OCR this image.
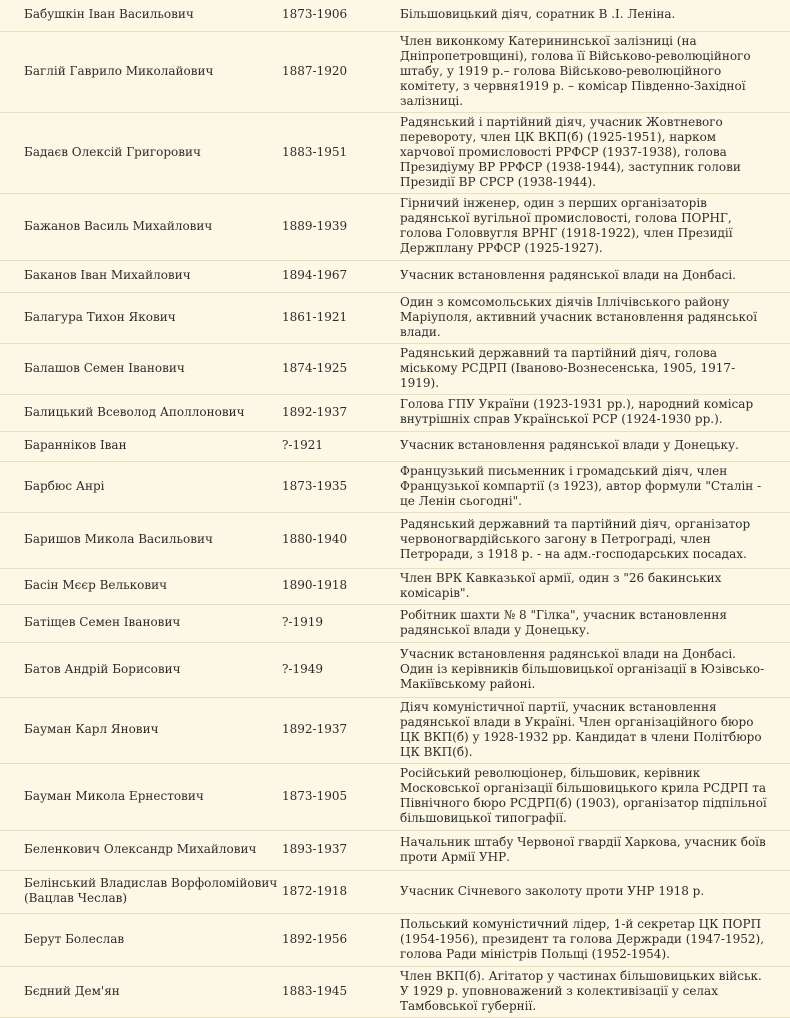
Бабушкін Іван Васильович	1873-1906	Більшовицький діяч, соратник В .І. Леніна.
Баглій Гаврило Миколайович	1887-1920	Член виконкому Катерининської залізниці (на Дніпропетровщині), голова її Військово-революційного штабу, у 1919 р.– голова Військово-революційного комітету, з червня1919 р. – комісар Південно-Західної залізниці.
Бадаєв Олексій Григорович	1883-1951	Радянський і партійний діяч, учасник Жовтневого перевороту, член ЦК ВКП(б) (1925-1951), нарком харчової промисловості РРФСР (1937-1938), голова Президіуму ВР РРФСР (1938-1944), заступник голови Президії ВР СРСР (1938-1944).
Бажанов Василь Михайлович	1889-1939	Гірничий інженер, один з перших організаторів радянської вугільної промисловості, голова ПОРНГ, голова Головвугля ВРНГ (1918-1922), член Президії Держплану РРФСР (1925-1927).
Баканов Іван Михайлович	1894-1967	Учасник встановлення радянської влади на Донбасі.
Балагура Тихон Якович	1861-1921	Один з комсомольських діячів Іллічівського району Маріуполя, активний учасник встановлення радянської влади.
Балашов Семен Іванович	1874-1925	Радянський державний та партійний діяч, голова міському РСДРП (Іваново-Вознесенська, 1905, 1917-1919).
Балицький Всеволод Аполлонович	1892-1937	Голова ГПУ України (1923-1931 рр.), народний комісар внутрішніх справ Української РСР (1924-1930 рр.).
Баранніков Іван	?-1921	Учасник встановлення радянської влади у Донецьку.
Барбюс Анрі	1873-1935	Французький письменник і громадський діяч, член Французької компартії (з 1923), автор формули "Сталін - це Ленін сьогодні".
Баришов Микола Васильович	1880-1940	Радянський державний та партійний діяч, організатор червоногвардійського загону в Петрограді, член Петроради, з 1918 р. - на адм.-господарських посадах.
Басін Мєєр Велькович	1890-1918	Член ВРК Кавказької армії, один з "26 бакинських комісарів".
Батіщев Семен Іванович	?-1919	Робітник шахти № 8 "Гілка", учасник встановлення радянської влади у Донецьку.
Батов Андрій Борисович	?-1949	Учасник встановлення радянської влади на Донбасі. Один із керівників більшовицької організації в Юзівсько-Макіївському районі.
Бауман Карл Янович	1892-1937	Діяч комуністичної партії, учасник встановлення радянської влади в Україні. Член організаційного бюро ЦК ВКП(б) у 1928-1932 рр. Кандидат в члени Політбюро ЦК ВКП(б).
Бауман Микола Ернестович	1873-1905	Російський революціонер, більшовик, керівник Московської організації більшовицького крила РСДРП та Північного бюро РСДРП(б) (1903), організатор підпільної більшовицької типографії.
Беленкович Олександр Михайлович	1893-1937	Начальник штабу Червоної гвардії Харкова, учасник боїв проти Армії УНР.
Белінський Владислав Ворфоломійович (Вацлав Чеслав)	1872-1918	Учасник Січневого заколоту проти УНР 1918 р.
Берут Болеслав	1892-1956	Польський комуністичний лідер, 1-й секретар ЦК ПОРП (1954-1956), президент та голова Держради (1947-1952), голова Ради міністрів Польщі (1952-1954).
Бєдний Дем'ян	1883-1945	Член ВКП(б). Агітатор у частинах більшовицьких військ. У 1929 р. уповноважений з колективізації у селах Тамбовської губернії.
